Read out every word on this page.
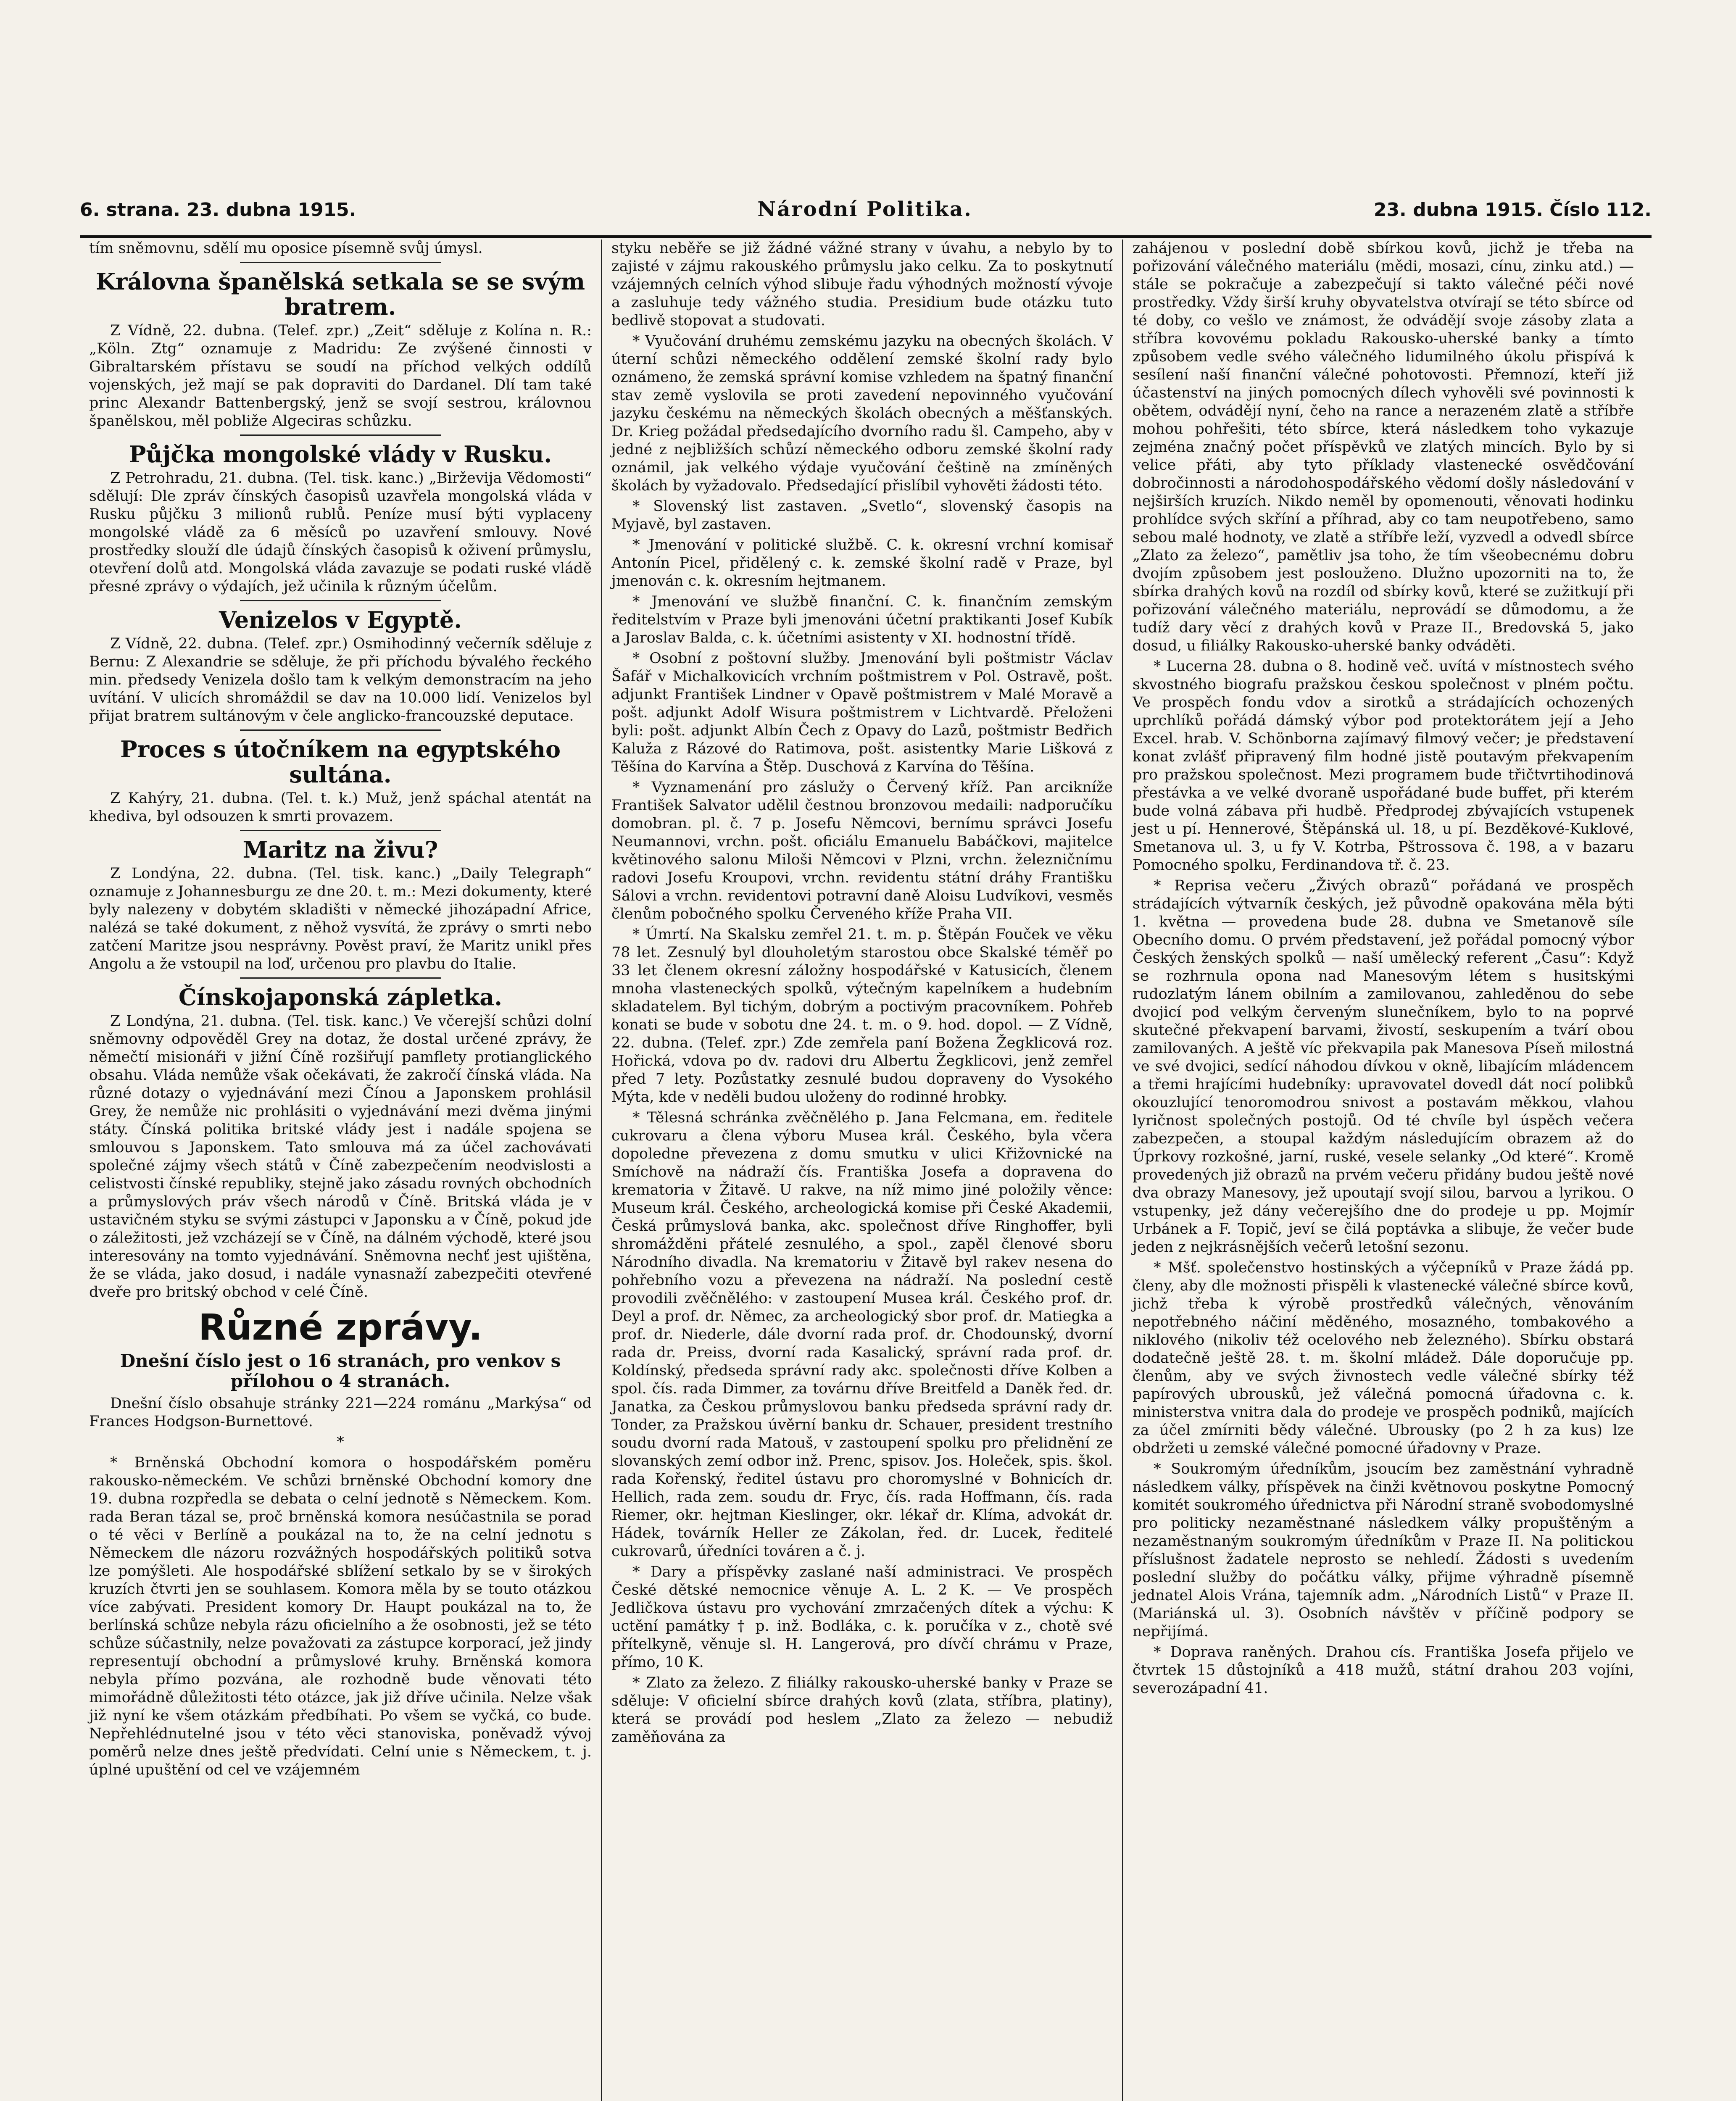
6. strana. 23. dubna 1915.	Národní Politika.	23. dubna 1915. Číslo 112.

tím sněmovnu, sdělí mu oposice písemně svůj úmysl.

Královna španělská setkala se se svým bratrem.

Z Vídně, 22. dubna. (Telef. zpr.) „Zeit“ sděluje z Kolína n. R.: „Köln. Ztg“ oznamuje z Madridu: Ze zvýšené činnosti v Gibraltarském přístavu se soudí na příchod velkých oddílů vojenských, jež mají se pak dopraviti do Dardanel. Dlí tam také princ Alexandr Battenbergský, jenž se svojí sestrou, královnou španělskou, měl pobliže Algeciras schůzku.

Půjčka mongolské vlády v Rusku.

Z Petrohradu, 21. dubna. (Tel. tisk. kanc.) „Birževija Vědomosti“ sdělují: Dle zpráv čínských časopisů uzavřela mongolská vláda v Rusku půjčku 3 milionů rublů. Peníze musí býti vyplaceny mongolské vládě za 6 měsíců po uzavření smlouvy. Nové prostředky slouží dle údajů čínských časopisů k oživení průmyslu, otevření dolů atd. Mongolská vláda zavazuje se podati ruské vládě přesné zprávy o výdajích, jež učinila k různým účelům.

Venizelos v Egyptě.

Z Vídně, 22. dubna. (Telef. zpr.) Osmihodinný večerník sděluje z Bernu: Z Alexandrie se sděluje, že při příchodu bývalého řeckého min. předsedy Venizela došlo tam k velkým demonstracím na jeho uvítání. V ulicích shromáždil se dav na 10.000 lidí. Venizelos byl přijat bratrem sultánovým v čele anglicko-francouzské deputace.

Proces s útočníkem na egyptského sultána.

Z Kahýry, 21. dubna. (Tel. t. k.) Muž, jenž spáchal atentát na khediva, byl odsouzen k smrti provazem.

Maritz na živu?

Z Londýna, 22. dubna. (Tel. tisk. kanc.) „Daily Telegraph“ oznamuje z Johannesburgu ze dne 20. t. m.: Mezi dokumenty, které byly nalezeny v dobytém skladišti v německé jihozápadní Africe, nalézá se také dokument, z něhož vysvítá, že zprávy o smrti nebo zatčení Maritze jsou nesprávny. Pověst praví, že Maritz unikl přes Angolu a že vstoupil na loď, určenou pro plavbu do Italie.

Čínskojaponská zápletka.

Z Londýna, 21. dubna. (Tel. tisk. kanc.) Ve včerejší schůzi dolní sněmovny odpověděl Grey na dotaz, že dostal určené zprávy, že němečtí misionáři v jižní Číně rozšiřují pamflety protianglického obsahu. Vláda nemůže však očekávati, že zakročí čínská vláda. Na různé dotazy o vyjednávání mezi Čínou a Japonskem prohlásil Grey, že nemůže nic prohlásiti o vyjednávání mezi dvěma jinými státy. Čínská politika britské vlády jest i nadále spojena se smlouvou s Japonskem. Tato smlouva má za účel zachovávati společné zájmy všech států v Číně zabezpečením neodvislosti a celistvosti čínské republiky, stejně jako zásadu rovných obchodních a průmyslových práv všech národů v Číně. Britská vláda je v ustavičném styku se svými zástupci v Japonsku a v Číně, pokud jde o záležitosti, jež vzcházejí se v Číně, na dálném východě, které jsou interesovány na tomto vyjednávání. Sněmovna nechť jest ujištěna, že se vláda, jako dosud, i nadále vynasnaží zabezpečiti otevřené dveře pro britský obchod v celé Číně.

Různé zprávy.
Dnešní číslo jest o 16 stranách, pro venkov s přílohou o 4 stranách.

Dnešní číslo obsahuje stránky 221—224 románu „Markýsa“ od Frances Hodgson-Burnettové.

*

* Brněnská Obchodní komora o hospodářském poměru rakousko-německém. Ve schůzi brněnské Obchodní komory dne 19. dubna rozpředla se debata o celní jednotě s Německem. Kom. rada Beran tázal se, proč brněnská komora nesúčastnila se porad o té věci v Berlíně a poukázal na to, že na celní jednotu s Německem dle názoru rozvážných hospodářských politiků sotva lze pomýšleti. Ale hospodářské sblížení setkalo by se v širokých kruzích čtvrti jen se souhlasem. Komora měla by se touto otázkou více zabývati. President komory Dr. Haupt poukázal na to, že berlínská schůze nebyla rázu oficielního a že osobnosti, jež se této schůze súčastnily, nelze považovati za zástupce korporací, jež jindy representují obchodní a průmyslové kruhy. Brněnská komora nebyla přímo pozvána, ale rozhodně bude věnovati této mimořádně důležitosti této otázce, jak již dříve učinila. Nelze však již nyní ke všem otázkám předbíhati. Po všem se vyčká, co bude. Nepřehlédnutelné jsou v této věci stanoviska, poněvadž vývoj poměrů nelze dnes ještě předvídati. Celní unie s Německem, t. j. úplné upuštění od cel ve vzájemném

styku neběře se již žádné vážné strany v úvahu, a nebylo by to zajisté v zájmu rakouského průmyslu jako celku. Za to poskytnutí vzájemných celních výhod slibuje řadu výhodných možností vývoje a zasluhuje tedy vážného studia. Presidium bude otázku tuto bedlivě stopovat a studovati.

* Vyučování druhému zemskému jazyku na obecných školách. V úterní schůzi německého oddělení zemské školní rady bylo oznámeno, že zemská správní komise vzhledem na špatný finanční stav země vyslovila se proti zavedení nepovinného vyučování jazyku českému na německých školách obecných a měšťanských. Dr. Krieg požádal předsedajícího dvorního radu šl. Campeho, aby v jedné z nejbližších schůzí německého odboru zemské školní rady oznámil, jak velkého výdaje vyučování češtině na zmíněných školách by vyžadovalo. Předsedající přislíbil vyhověti žádosti této.

* Slovenský list zastaven. „Svetlo“, slovenský časopis na Myjavě, byl zastaven.

* Jmenování v politické službě. C. k. okresní vrchní komisař Antonín Picel, přidělený c. k. zemské školní radě v Praze, byl jmenován c. k. okresním hejtmanem.

* Jmenování ve službě finanční. C. k. finančním zemským ředitelstvím v Praze byli jmenováni účetní praktikanti Josef Kubík a Jaroslav Balda, c. k. účetními asistenty v XI. hodnostní třídě.

* Osobní z poštovní služby. Jmenování byli poštmistr Václav Šafář v Michalkovicích vrchním poštmistrem v Pol. Ostravě, pošt. adjunkt František Lindner v Opavě poštmistrem v Malé Moravě a pošt. adjunkt Adolf Wisura poštmistrem v Lichtvardě. Přeloženi byli: pošt. adjunkt Albín Čech z Opavy do Lazů, poštmistr Bedřich Kaluža z Rázové do Ratimova, pošt. asistentky Marie Lišková z Těšína do Karvína a Štěp. Duschová z Karvína do Těšína.

* Vyznamenání pro záslužy o Červený kříž. Pan arcikníže František Salvator udělil čestnou bronzovou medaili: nadporučíku domobran. pl. č. 7 p. Josefu Němcovi, bernímu správci Josefu Neumannovi, vrchn. pošt. oficiálu Emanuelu Babáčkovi, majitelce květinového salonu Miloši Němcovi v Plzni, vrchn. železničnímu radovi Josefu Kroupovi, vrchn. revidentu státní dráhy Františku Sálovi a vrchn. revidentovi potravní daně Aloisu Ludvíkovi, vesměs členům pobočného spolku Červeného kříže Praha VII.

* Úmrtí. Na Skalsku zemřel 21. t. m. p. Štěpán Fouček ve věku 78 let. Zesnulý byl dlouholetým starostou obce Skalské téměř po 33 let členem okresní záložny hospodářské v Katusicích, členem mnoha vlasteneckých spolků, výtečným kapelníkem a hudebním skladatelem. Byl tichým, dobrým a poctivým pracovníkem. Pohřeb konati se bude v sobotu dne 24. t. m. o 9. hod. dopol. — Z Vídně, 22. dubna. (Telef. zpr.) Zde zemřela paní Božena Žegklicová roz. Hořická, vdova po dv. radovi dru Albertu Žegklicovi, jenž zemřel před 7 lety. Pozůstatky zesnulé budou dopraveny do Vysokého Mýta, kde v neděli budou uloženy do rodinné hrobky.

* Tělesná schránka zvěčnělého p. Jana Felcmana, em. ředitele cukrovaru a člena výboru Musea král. Českého, byla včera dopoledne převezena z domu smutku v ulici Křižovnické na Smíchově na nádraží čís. Františka Josefa a dopravena do krematoria v Žitavě. U rakve, na níž mimo jiné položily věnce: Museum král. Českého, archeologická komise při České Akademii, Česká průmyslová banka, akc. společnost dříve Ringhoffer, byli shromážděni přátelé zesnulého, a spol., zapěl členové sboru Národního divadla. Na krematoriu v Žitavě byl rakev nesena do pohřebního vozu a převezena na nádraží. Na poslední cestě provodili zvěčnělého: v zastoupení Musea král. Českého prof. dr. Deyl a prof. dr. Němec, za archeologický sbor prof. dr. Matiegka a prof. dr. Niederle, dále dvorní rada prof. dr. Chodounský, dvorní rada dr. Preiss, dvorní rada Kasalický, správní rada prof. dr. Koldínský, předseda správní rady akc. společnosti dříve Kolben a spol. čís. rada Dimmer, za továrnu dříve Breitfeld a Daněk řed. dr. Janatka, za Českou průmyslovou banku předseda správní rady dr. Tonder, za Pražskou úvěrní banku dr. Schauer, president trestního soudu dvorní rada Matouš, v zastoupení spolku pro přelidnění ze slovanských zemí odbor inž. Prenc, spisov. Jos. Holeček, spis. škol. rada Kořenský, ředitel ústavu pro choromyslné v Bohnicích dr. Hellich, rada zem. soudu dr. Fryc, čís. rada Hoffmann, čís. rada Riemer, okr. hejtman Kieslinger, okr. lékař dr. Klíma, advokát dr. Hádek, továrník Heller ze Zákolan, řed. dr. Lucek, ředitelé cukrovarů, úředníci továren a č. j.

* Dary a příspěvky zaslané naší administraci. Ve prospěch České dětské nemocnice věnuje A. L. 2 K. — Ve prospěch Jedličkova ústavu pro vychování zmrzačených dítek a výchu: K uctění památky † p. inž. Bodláka, c. k. poručíka v z., chotě své přítelkyně, věnuje sl. H. Langerová, pro dívčí chrámu v Praze, přímo, 10 K.

* Zlato za železo. Z filiálky rakousko-uherské banky v Praze se sděluje: V oficielní sbírce drahých kovů (zlata, stříbra, platiny), která se provádí pod heslem „Zlato za železo — nebudiž zaměňována za

zahájenou v poslední době sbírkou kovů, jichž je třeba na pořizování válečného materiálu (mědi, mosazi, cínu, zinku atd.) — stále se pokračuje a zabezpečují si takto válečné péči nové prostředky. Vždy širší kruhy obyvatelstva otvírají se této sbírce od té doby, co vešlo ve známost, že odvádějí svoje zásoby zlata a stříbra kovovému pokladu Rakousko-uherské banky a tímto způsobem vedle svého válečného lidumilného úkolu přispívá k sesílení naší finanční válečné pohotovosti. Přemnozí, kteří již účastenství na jiných pomocných dílech vyhověli své povinnosti k obětem, odvádějí nyní, čeho na rance a nerazeném zlatě a stříbře mohou pohřešiti, této sbírce, která následkem toho vykazuje zejména značný počet příspěvků ve zlatých mincích. Bylo by si velice přáti, aby tyto příklady vlastenecké osvědčování dobročinnosti a národohospodářského vědomí došly následování v nejširších kruzích. Nikdo neměl by opomenouti, věnovati hodinku prohlídce svých skříní a příhrad, aby co tam neupotřebeno, samo sebou malé hodnoty, ve zlatě a stříbře leží, vyzvedl a odvedl sbírce „Zlato za železo“, pamětliv jsa toho, že tím všeobecnému dobru dvojím způsobem jest poslouženo. Dlužno upozorniti na to, že sbírka drahých kovů na rozdíl od sbírky kovů, které se zužitkují při pořizování válečného materiálu, neprovádí se důmodomu, a že tudíž dary věcí z drahých kovů v Praze II., Bredovská 5, jako dosud, u filiálky Rakousko-uherské banky odváděti.

* Lucerna 28. dubna o 8. hodině več. uvítá v místnostech svého skvostného biografu pražskou českou společnost v plném počtu. Ve prospěch fondu vdov a sirotků a strádajících ochozených uprchlíků pořádá dámský výbor pod protektorátem její a Jeho Excel. hrab. V. Schönborna zajímavý filmový večer; je představení konat zvlášť připravený film hodné jistě poutavým překvapením pro pražskou společnost. Mezi programem bude třičtvrtihodinová přestávka a ve velké dvoraně uspořádané bude buffet, při kterém bude volná zábava při hudbě. Předprodej zbývajících vstupenek jest u pí. Hennerové, Štěpánská ul. 18, u pí. Bezděkové-Kuklové, Smetanova ul. 3, u fy V. Kotrba, Pštrossova č. 198, a v bazaru Pomocného spolku, Ferdinandova tř. č. 23.

* Reprisa večeru „Živých obrazů“ pořádaná ve prospěch strádajících výtvarník českých, jež původně opakována měla býti 1. května — provedena bude 28. dubna ve Smetanově síle Obecního domu. O prvém představení, jež pořádal pomocný výbor Českých ženských spolků — naší umělecký referent „Času“: Když se rozhrnula opona nad Manesovým létem s husitskými rudozlatým lánem obilním a zamilovanou, zahleděnou do sebe dvojicí pod velkým červeným slunečníkem, bylo to na poprvé skutečné překvapení barvami, živostí, seskupením a tvárí obou zamilovaných. A ještě víc překvapila pak Manesova Píseň milostná ve své dvojici, sedící náhodou dívkou v okně, libajícím mládencem a třemi hrajícími hudebníky: upravovatel dovedl dát nocí polibků okouzlující tenoromodrou snivost a postavám měkkou, vlahou lyričnost společných postojů. Od té chvíle byl úspěch večera zabezpečen, a stoupal každým následujícím obrazem až do Úprkovy rozkošné, jarní, ruské, vesele selanky „Od které“. Kromě provedených již obrazů na prvém večeru přidány budou ještě nové dva obrazy Manesovy, jež upoutají svojí silou, barvou a lyrikou. O vstupenky, jež dány večerejšího dne do prodeje u pp. Mojmír Urbánek a F. Topič, jeví se čilá poptávka a slibuje, že večer bude jeden z nejkrásnějších večerů letošní sezonu.

* Mšť. společenstvo hostinských a výčepníků v Praze žádá pp. členy, aby dle možnosti přispěli k vlastenecké válečné sbírce kovů, jichž třeba k výrobě prostředků válečných, věnováním nepotřebného náčiní měděného, mosazného, tombakového a niklového (nikoliv též ocelového neb železného). Sbírku obstará dodatečně ještě 28. t. m. školní mládež. Dále doporučuje pp. členům, aby ve svých živnostech vedle válečné sbírky též papírových ubrousků, jež válečná pomocná úřadovna c. k. ministerstva vnitra dala do prodeje ve prospěch podniků, majících za účel zmírniti bědy válečné. Ubrousky (po 2 h za kus) lze obdržeti u zemské válečné pomocné úřadovny v Praze.

* Soukromým úředníkům, jsoucím bez zaměstnání vyhradně následkem války, příspěvek na činži květnovou poskytne Pomocný komitét soukromého úřednictva při Národní straně svobodomyslné pro politicky nezaměstnané následkem války propuštěným a nezaměstnaným soukromým úředníkům v Praze II. Na politickou příslušnost žadatele neprosto se nehledí. Žádosti s uvedením poslední služby do počátku války, přijme výhradně písemně jednatel Alois Vrána, tajemník adm. „Národních Listů“ v Praze II. (Mariánská ul. 3). Osobních návštěv v příčině podpory se nepřijímá.

* Doprava raněných. Drahou cís. Františka Josefa přijelo ve čtvrtek 15 důstojníků a 418 mužů, státní drahou 203 vojíni, severozápadní 41.
